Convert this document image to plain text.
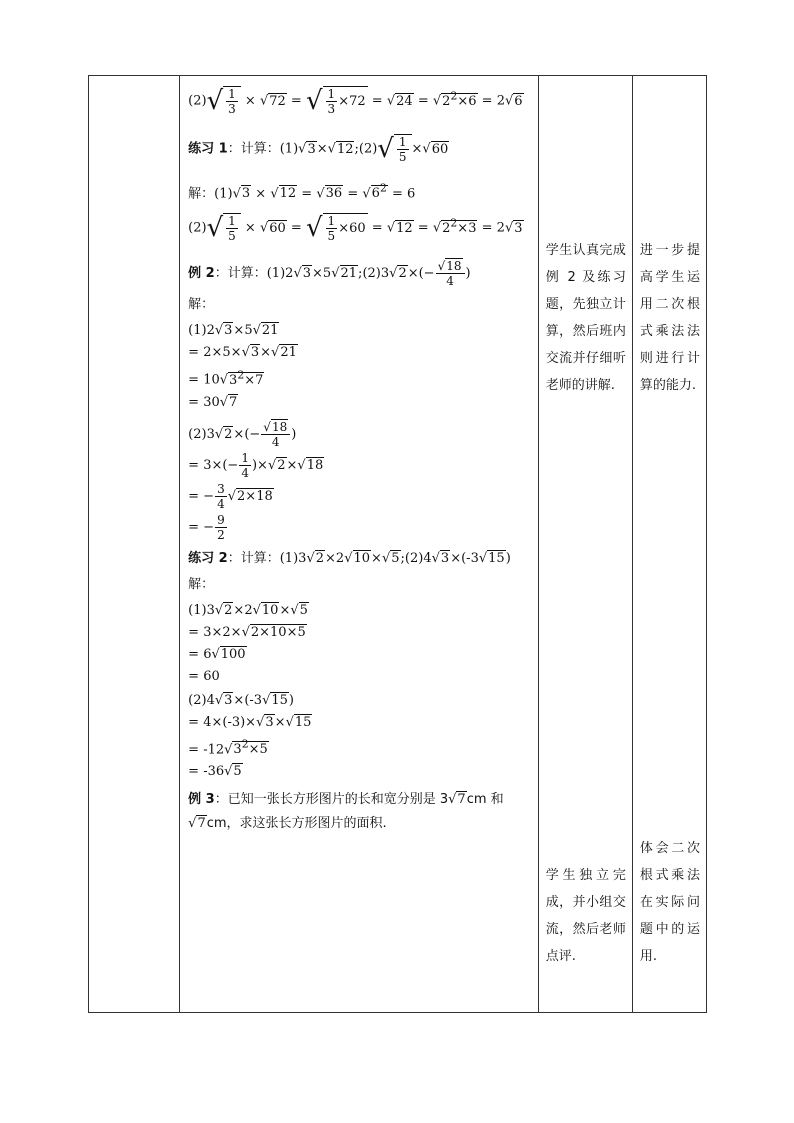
(2) √ $\frac{1}{3} \times √72$ = √ $\frac{1}{3} \times 72 = √24 = √2^2\times 6 = 2√6$
练习 1：计算：(1)√3×√12;(2) √ $\frac{1}{5} \times√60$
解：$(1)√3 \times √12 = √36 = √6^2 = 6$
(2) √ $\frac{1}{5} \times √60$ = √ $\frac{1}{5} \times 60 = √12 = √2^2\times 3 = 2√3$
例 2：计算：(1)2√3×5√21;(2)3√2×(− $\frac{√18}{4}$ )
解：
(1)2√3×5√21
= 2×5×√3×√21
= $10√3^2\times 7$
= 30√7
$(2)3√2\times(- \frac{√18}{4}$ )
= $3\times(- \frac{1}{4} )\times√2\times√18$
= − $\frac{3}{4} √2\times 18$
= − $\frac{9}{2}$
练习 2：计算：(1)3√2×2√10×√5;(2)4√3×(-3√15)
解：
(1)3√2×2√10×√5
= 3×2×√2×10×5
= 6√100
= 60
(2)4√3×(-3√15)
= 4×(-3)×√3×√15
= $-12√3^2\times 5$
= -36√5
例 3：已知一张长方形图片的长和宽分别是 3√7cm 和
√7cm，求这张长方形图片的面积.

学生认真完成例 2 及练习题，先独立计算，然后班内交流并仔细听老师的讲解.
学生独立完成，并小组交流，然后老师点评.

进一步提高学生运用二次根式乘法法则进行计算的能力.
体会二次根式乘法在实际问题中的运用.
